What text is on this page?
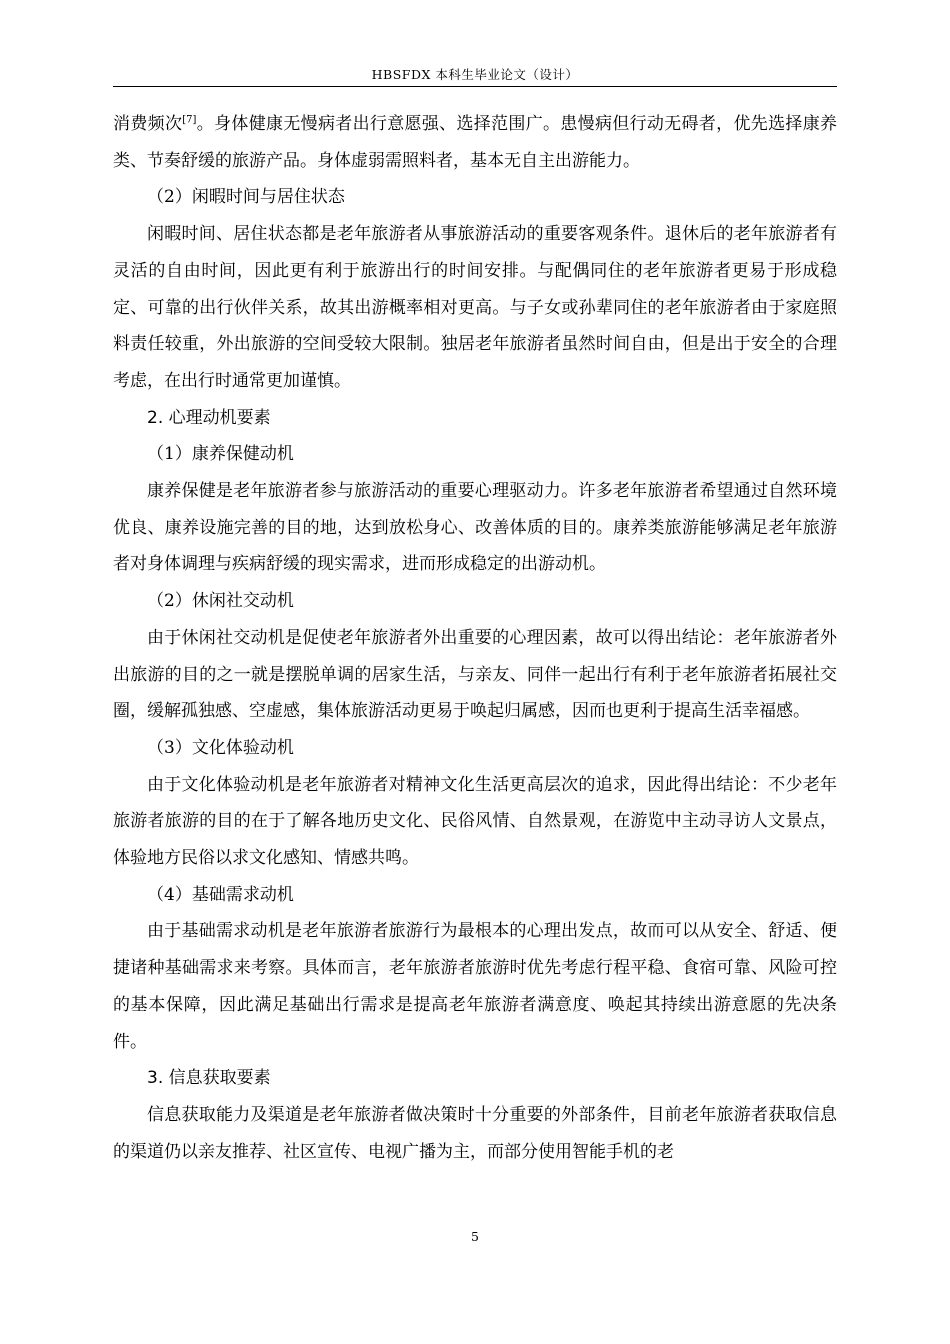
HBSFDX 本科生毕业论文（设计）

消费频次[7]。身体健康无慢病者出行意愿强、选择范围广。患慢病但行动无碍者，优先选择康养类、节奏舒缓的旅游产品。身体虚弱需照料者，基本无自主出游能力。

（2）闲暇时间与居住状态

闲暇时间、居住状态都是老年旅游者从事旅游活动的重要客观条件。退休后的老年旅游者有灵活的自由时间，因此更有利于旅游出行的时间安排。与配偶同住的老年旅游者更易于形成稳定、可靠的出行伙伴关系，故其出游概率相对更高。与子女或孙辈同住的老年旅游者由于家庭照料责任较重，外出旅游的空间受较大限制。独居老年旅游者虽然时间自由，但是出于安全的合理考虑，在出行时通常更加谨慎。

2. 心理动机要素

（1）康养保健动机

康养保健是老年旅游者参与旅游活动的重要心理驱动力。许多老年旅游者希望通过自然环境优良、康养设施完善的目的地，达到放松身心、改善体质的目的。康养类旅游能够满足老年旅游者对身体调理与疾病舒缓的现实需求，进而形成稳定的出游动机。

（2）休闲社交动机

由于休闲社交动机是促使老年旅游者外出重要的心理因素，故可以得出结论：老年旅游者外出旅游的目的之一就是摆脱单调的居家生活，与亲友、同伴一起出行有利于老年旅游者拓展社交圈，缓解孤独感、空虚感，集体旅游活动更易于唤起归属感，因而也更利于提高生活幸福感。

（3）文化体验动机

由于文化体验动机是老年旅游者对精神文化生活更高层次的追求，因此得出结论：不少老年旅游者旅游的目的在于了解各地历史文化、民俗风情、自然景观，在游览中主动寻访人文景点，体验地方民俗以求文化感知、情感共鸣。

（4）基础需求动机

由于基础需求动机是老年旅游者旅游行为最根本的心理出发点，故而可以从安全、舒适、便捷诸种基础需求来考察。具体而言，老年旅游者旅游时优先考虑行程平稳、食宿可靠、风险可控的基本保障，因此满足基础出行需求是提高老年旅游者满意度、唤起其持续出游意愿的先决条件。

3. 信息获取要素

信息获取能力及渠道是老年旅游者做决策时十分重要的外部条件，目前老年旅游者获取信息的渠道仍以亲友推荐、社区宣传、电视广播为主，而部分使用智能手机的老

5
